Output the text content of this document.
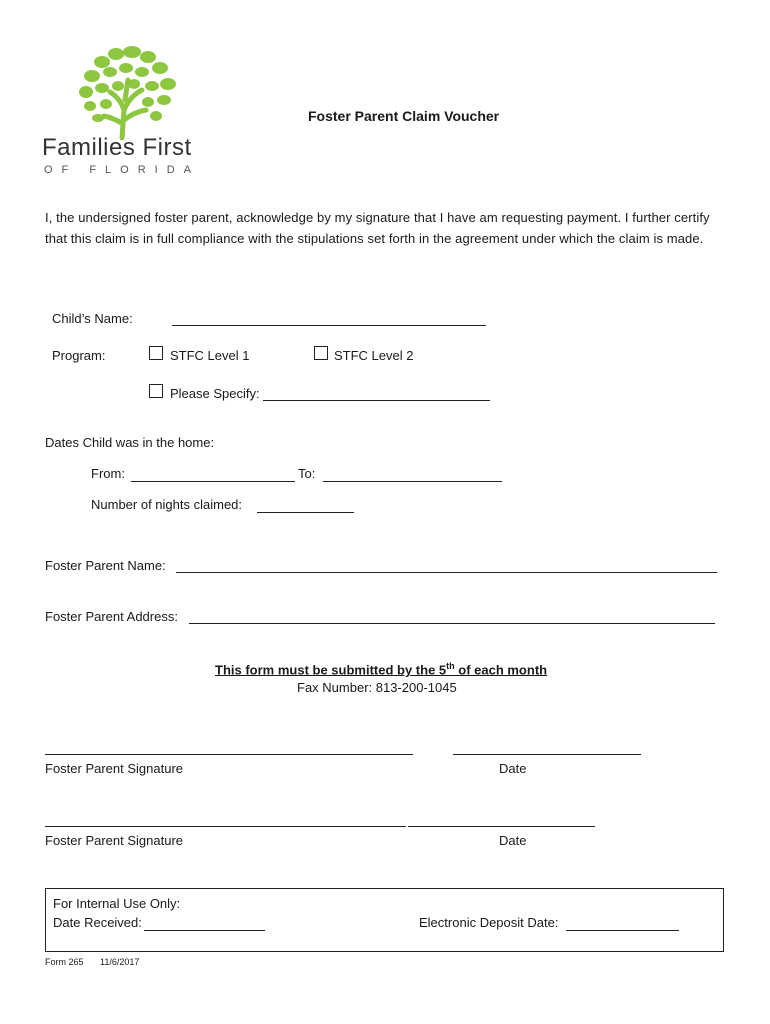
Families First
OF FLORIDA
Foster Parent Claim Voucher
I, the undersigned foster parent, acknowledge by my signature that I have am requesting payment. I further certify that this claim is in full compliance with the stipulations set forth in the agreement under which the claim is made.
Child’s Name:
Program:	STFC Level 1	STFC Level 2
Please Specify:
Dates Child was in the home:
From:	To:
Number of nights claimed:
Foster Parent Name:
Foster Parent Address:
This form must be submitted by the 5th of each month
Fax Number: 813-200-1045
Foster Parent Signature	Date
Foster Parent Signature	Date
For Internal Use Only:
Date Received:	Electronic Deposit Date:
Form 265 11/6/2017
